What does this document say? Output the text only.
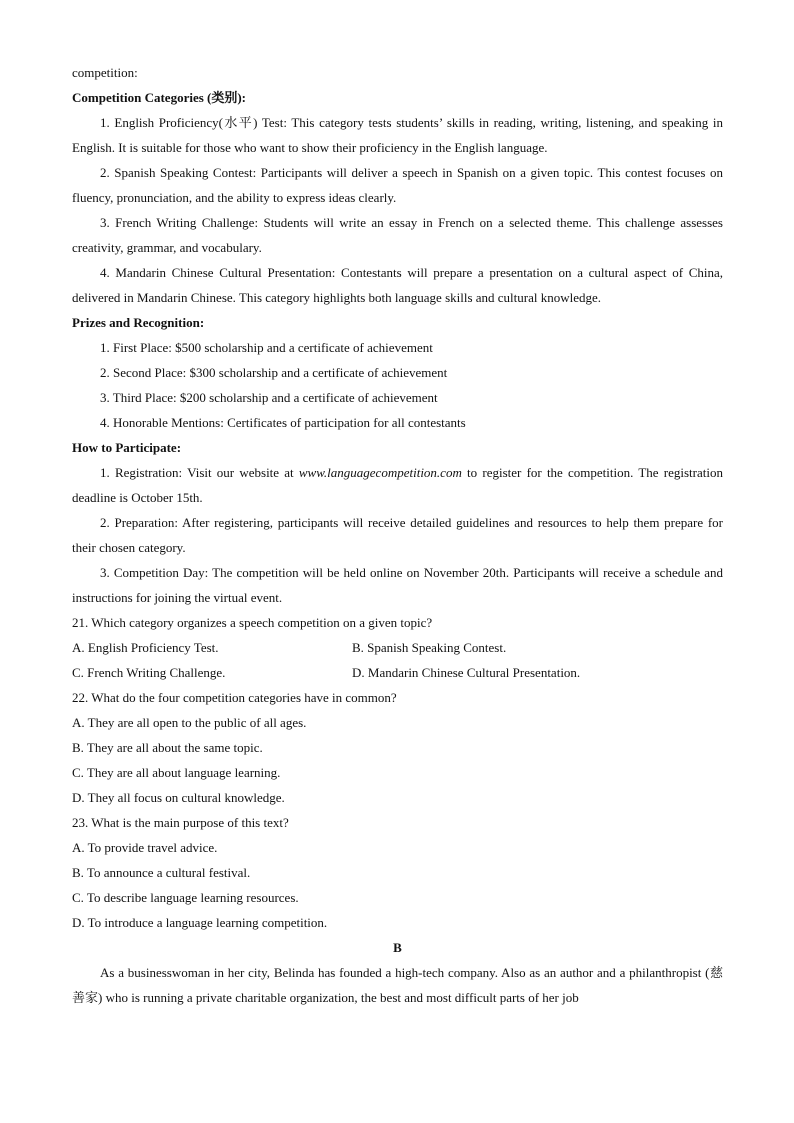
competition:

Competition Categories (类别):

1. English Proficiency(水平) Test: This category tests students’ skills in reading, writing, listening, and speaking in English. It is suitable for those who want to show their proficiency in the English language.

2. Spanish Speaking Contest: Participants will deliver a speech in Spanish on a given topic. This contest focuses on fluency, pronunciation, and the ability to express ideas clearly.

3. French Writing Challenge: Students will write an essay in French on a selected theme. This challenge assesses creativity, grammar, and vocabulary.

4. Mandarin Chinese Cultural Presentation: Contestants will prepare a presentation on a cultural aspect of China, delivered in Mandarin Chinese. This category highlights both language skills and cultural knowledge.

Prizes and Recognition:

1. First Place: $500 scholarship and a certificate of achievement

2. Second Place: $300 scholarship and a certificate of achievement

3. Third Place: $200 scholarship and a certificate of achievement

4. Honorable Mentions: Certificates of participation for all contestants

How to Participate:

1. Registration: Visit our website at www.languagecompetition.com to register for the competition. The registration deadline is October 15th.

2. Preparation: After registering, participants will receive detailed guidelines and resources to help them prepare for their chosen category.

3. Competition Day: The competition will be held online on November 20th. Participants will receive a schedule and instructions for joining the virtual event.

21. Which category organizes a speech competition on a given topic?

A. English Proficiency Test.	B. Spanish Speaking Contest.
C. French Writing Challenge.	D. Mandarin Chinese Cultural Presentation.

22. What do the four competition categories have in common?

A. They are all open to the public of all ages.

B. They are all about the same topic.

C. They are all about language learning.

D. They all focus on cultural knowledge.

23. What is the main purpose of this text?

A. To provide travel advice.

B. To announce a cultural festival.

C. To describe language learning resources.

D. To introduce a language learning competition.

B

As a businesswoman in her city, Belinda has founded a high-tech company. Also as an author and a philanthropist (慈善家) who is running a private charitable organization, the best and most difficult parts of her job
